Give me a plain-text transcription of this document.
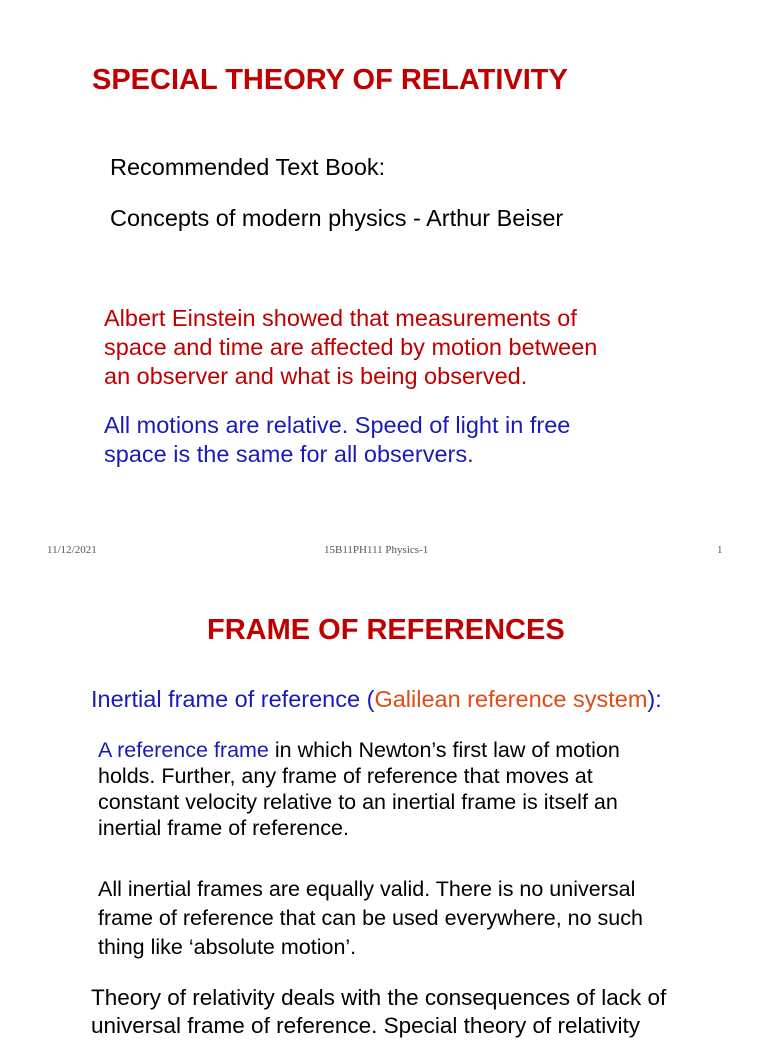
SPECIAL THEORY OF RELATIVITY

Recommended Text Book:

Concepts of modern physics - Arthur Beiser

Albert Einstein showed that measurements of
space and time are affected by motion between
an observer and what is being observed.

All motions are relative. Speed of light in free
space is the same for all observers.

11/12/2021	15B11PH111 Physics-1	1
FRAME OF REFERENCES
Inertial frame of reference (Galilean reference system):
A reference frame in which Newton’s first law of motion
holds. Further, any frame of reference that moves at
constant velocity relative to an inertial frame is itself an
inertial frame of reference.
All inertial frames are equally valid. There is no universal
frame of reference that can be used everywhere, no such
thing like ‘absolute motion’.
Theory of relativity deals with the consequences of lack of
universal frame of reference. Special theory of relativity
